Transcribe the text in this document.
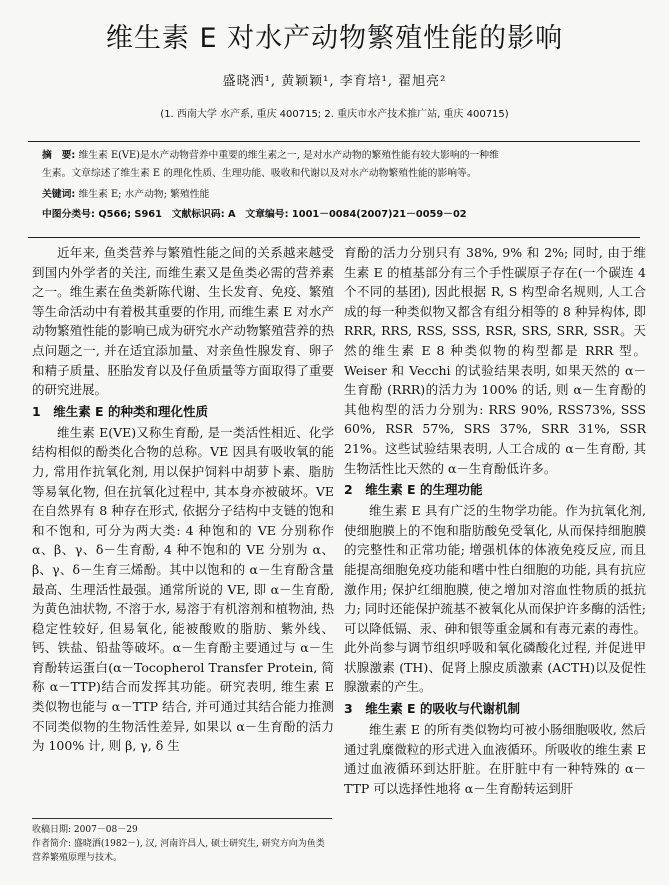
维生素 E 对水产动物繁殖性能的影响
盛晓洒¹, 黄颖颖¹, 李育培¹, 翟旭亮²
(1. 西南大学 水产系, 重庆 400715; 2. 重庆市水产技术推广站, 重庆 400715)
摘　要: 维生素 E(VE)是水产动物营养中重要的维生素之一, 是对水产动物的繁殖性能有较大影响的一种维
生素。文章综述了维生素 E 的理化性质、生理功能、吸收和代谢以及对水产动物繁殖性能的影响等。
关键词: 维生素 E; 水产动物; 繁殖性能
中图分类号: Q566; S961　文献标识码: A　文章编号: 1001－0084(2007)21－0059－02

近年来, 鱼类营养与繁殖性能之间的关系越来越受到国内外学者的关注, 而维生素又是鱼类必需的营养素之一。维生素在鱼类新陈代谢、生长发育、免疫、繁殖等生命活动中有着极其重要的作用, 而维生素 E 对水产动物繁殖性能的影响已成为研究水产动物繁殖营养的热点问题之一, 并在适宜添加量、对亲鱼性腺发育、卵子和精子质量、胚胎发育以及仔鱼质量等方面取得了重要的研究进展。

1　维生素 E 的种类和理化性质

维生素 E(VE)又称生育酚, 是一类活性相近、化学结构相似的酚类化合物的总称。VE 因具有吸收氧的能力, 常用作抗氧化剂, 用以保护饲料中胡萝卜素、脂肪等易氧化物, 但在抗氧化过程中, 其本身亦被破坏。VE 在自然界有 8 种存在形式, 依据分子结构中支链的饱和和不饱和, 可分为两大类: 4 种饱和的 VE 分别称作 α、β、γ、δ－生育酚, 4 种不饱和的 VE 分别为 α、β、γ、δ－生育三烯酚。其中以饱和的 α－生育酚含量最高、生理活性最强。通常所说的 VE, 即 α－生育酚, 为黄色油状物, 不溶于水, 易溶于有机溶剂和植物油, 热稳定性较好, 但易氧化, 能被酸败的脂肪、紫外线、钙、铁盐、铅盐等破坏。α－生育酚主要通过与 α－生育酚转运蛋白(α－Tocopherol Transfer Protein, 简称 α－TTP)结合而发挥其功能。研究表明, 维生素 E 类似物也能与 α－TTP 结合, 并可通过其结合能力推测不同类似物的生物活性差异, 如果以 α－生育酚的活力为 100% 计, 则 β, γ, δ 生

育酚的活力分别只有 38%, 9% 和 2%; 同时, 由于维生素 E 的植基部分有三个手性碳原子存在(一个碳连 4 个不同的基团), 因此根据 R, S 构型命名规则, 人工合成的每一种类似物又都含有组分相等的 8 种异构体, 即 RRR, RRS, RSS, SSS, RSR, SRS, SRR, SSR。天然的维生素 E 8 种类似物的构型都是 RRR 型。Weiser 和 Vecchi 的试验结果表明, 如果天然的 α－生育酚 (RRR)的活力为 100% 的话, 则 α－生育酚的其他构型的活力分别为: RRS 90%, RSS73%, SSS 60%, RSR 57%, SRS 37%, SRR 31%, SSR 21%。这些试验结果表明, 人工合成的 α－生育酚, 其生物活性比天然的 α－生育酚低许多。

2　维生素 E 的生理功能

维生素 E 具有广泛的生物学功能。作为抗氧化剂, 使细胞膜上的不饱和脂肪酸免受氧化, 从而保持细胞膜的完整性和正常功能; 增强机体的体液免疫反应, 而且能提高细胞免疫功能和嗜中性白细胞的功能, 具有抗应激作用; 保护红细胞膜, 使之增加对溶血性物质的抵抗力; 同时还能保护巯基不被氧化从而保护许多酶的活性; 可以降低镉、汞、砷和银等重金属和有毒元素的毒性。此外尚参与调节组织呼吸和氧化磷酸化过程, 并促进甲状腺激素 (TH)、促肾上腺皮质激素 (ACTH)以及促性腺激素的产生。

3　维生素 E 的吸收与代谢机制

维生素 E 的所有类似物均可被小肠细胞吸收, 然后通过乳糜微粒的形式进入血液循环。所吸收的维生素 E 通过血液循环到达肝脏。在肝脏中有一种特殊的 α－TTP 可以选择性地将 α－生育酚转运到肝

收稿日期: 2007－08－29
作者简介: 盛晓洒(1982－), 汉, 河南许昌人, 硕士研究生, 研究方向为鱼类营养繁殖原理与技术。
